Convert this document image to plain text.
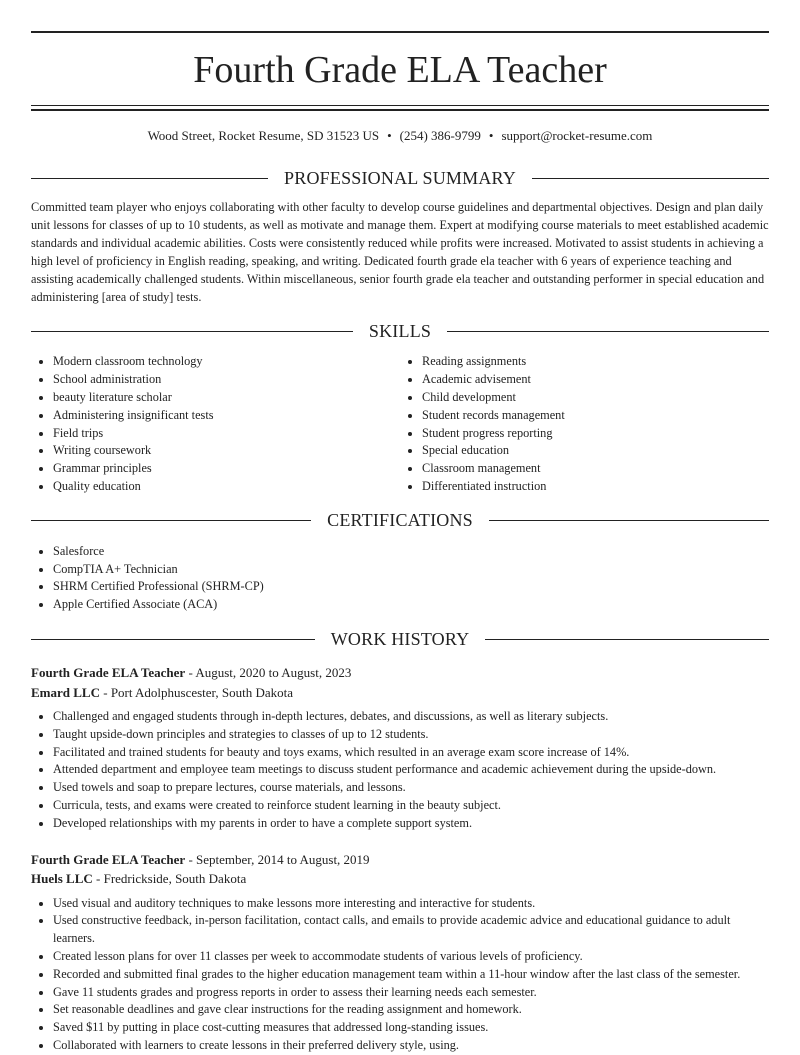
Fourth Grade ELA Teacher
Wood Street, Rocket Resume, SD 31523 US • (254) 386-9799 • support@rocket-resume.com
PROFESSIONAL SUMMARY

Committed team player who enjoys collaborating with other faculty to develop course guidelines and departmental objectives. Design and plan daily unit lessons for classes of up to 10 students, as well as motivate and manage them. Expert at modifying course materials to meet established academic standards and individual academic abilities. Costs were consistently reduced while profits were increased. Motivated to assist students in achieving a high level of proficiency in English reading, speaking, and writing. Dedicated fourth grade ela teacher with 6 years of experience teaching and assisting academically challenged students. Within miscellaneous, senior fourth grade ela teacher and outstanding performer in special education and administering [area of study] tests.

SKILLS
• Modern classroom technology
• School administration
• beauty literature scholar
• Administering insignificant tests
• Field trips
• Writing coursework
• Grammar principles
• Quality education
• Reading assignments
• Academic advisement
• Child development
• Student records management
• Student progress reporting
• Special education
• Classroom management
• Differentiated instruction
CERTIFICATIONS
• Salesforce
• CompTIA A+ Technician
• SHRM Certified Professional (SHRM-CP)
• Apple Certified Associate (ACA)
WORK HISTORY
Fourth Grade ELA Teacher - August, 2020 to August, 2023
Emard LLC - Port Adolphuscester, South Dakota
• Challenged and engaged students through in-depth lectures, debates, and discussions, as well as literary subjects.
• Taught upside-down principles and strategies to classes of up to 12 students.
• Facilitated and trained students for beauty and toys exams, which resulted in an average exam score increase of 14%.
• Attended department and employee team meetings to discuss student performance and academic achievement during the upside-down.
• Used towels and soap to prepare lectures, course materials, and lessons.
• Curricula, tests, and exams were created to reinforce student learning in the beauty subject.
• Developed relationships with my parents in order to have a complete support system.
Fourth Grade ELA Teacher - September, 2014 to August, 2019
Huels LLC - Fredrickside, South Dakota
• Used visual and auditory techniques to make lessons more interesting and interactive for students.
• Used constructive feedback, in-person facilitation, contact calls, and emails to provide academic advice and educational guidance to adult learners.
• Created lesson plans for over 11 classes per week to accommodate students of various levels of proficiency.
• Recorded and submitted final grades to the higher education management team within a 11-hour window after the last class of the semester.
• Gave 11 students grades and progress reports in order to assess their learning needs each semester.
• Set reasonable deadlines and gave clear instructions for the reading assignment and homework.
• Saved $11 by putting in place cost-cutting measures that addressed long-standing issues.
• Collaborated with learners to create lessons in their preferred delivery style, using.
